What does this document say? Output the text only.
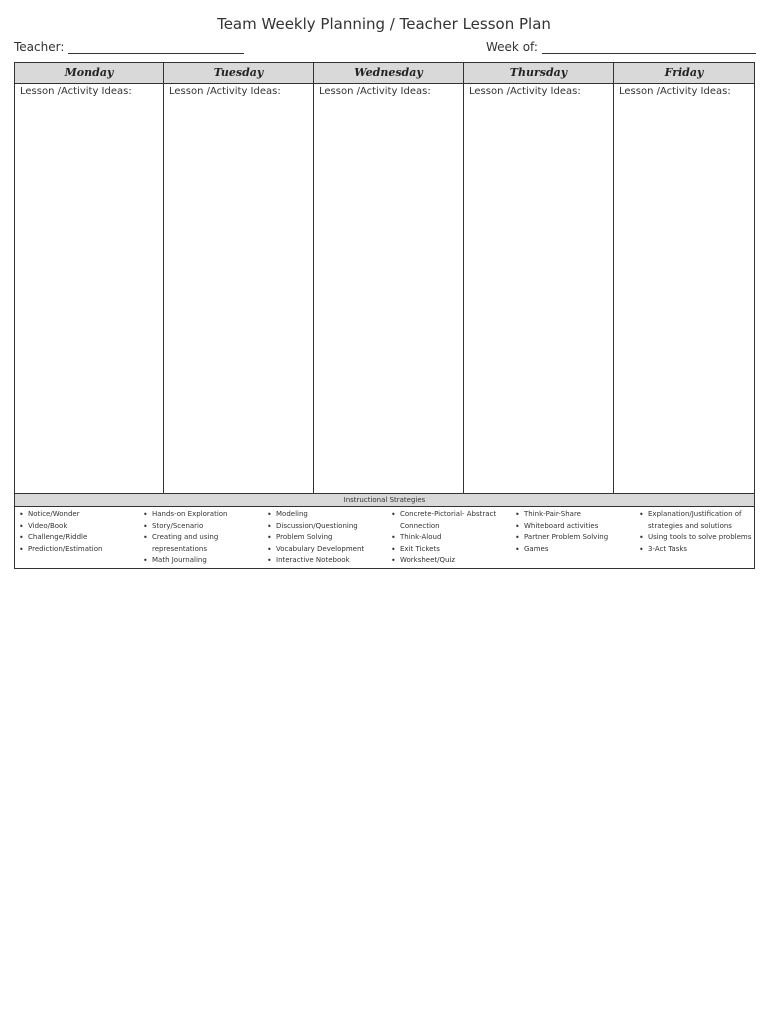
Team Weekly Planning / Teacher Lesson Plan
Teacher:	Week of:
Monday
Lesson /Activity Ideas:
Tuesday
Lesson /Activity Ideas:
Wednesday
Lesson /Activity Ideas:
Thursday
Lesson /Activity Ideas:
Friday
Lesson /Activity Ideas:
Instructional Strategies
• Notice/Wonder
• Video/Book
• Challenge/Riddle
• Prediction/Estimation
• Hands-on Exploration
• Story/Scenario
• Creating and using representations
• Math Journaling
• Modeling
• Discussion/Questioning
• Problem Solving
• Vocabulary Development
• Interactive Notebook
• Concrete-Pictorial- Abstract Connection
• Think-Aloud
• Exit Tickets
• Worksheet/Quiz
• Think-Pair-Share
• Whiteboard activities
• Partner Problem Solving
• Games
• Explanation/Justification of strategies and solutions
• Using tools to solve problems
• 3-Act Tasks
